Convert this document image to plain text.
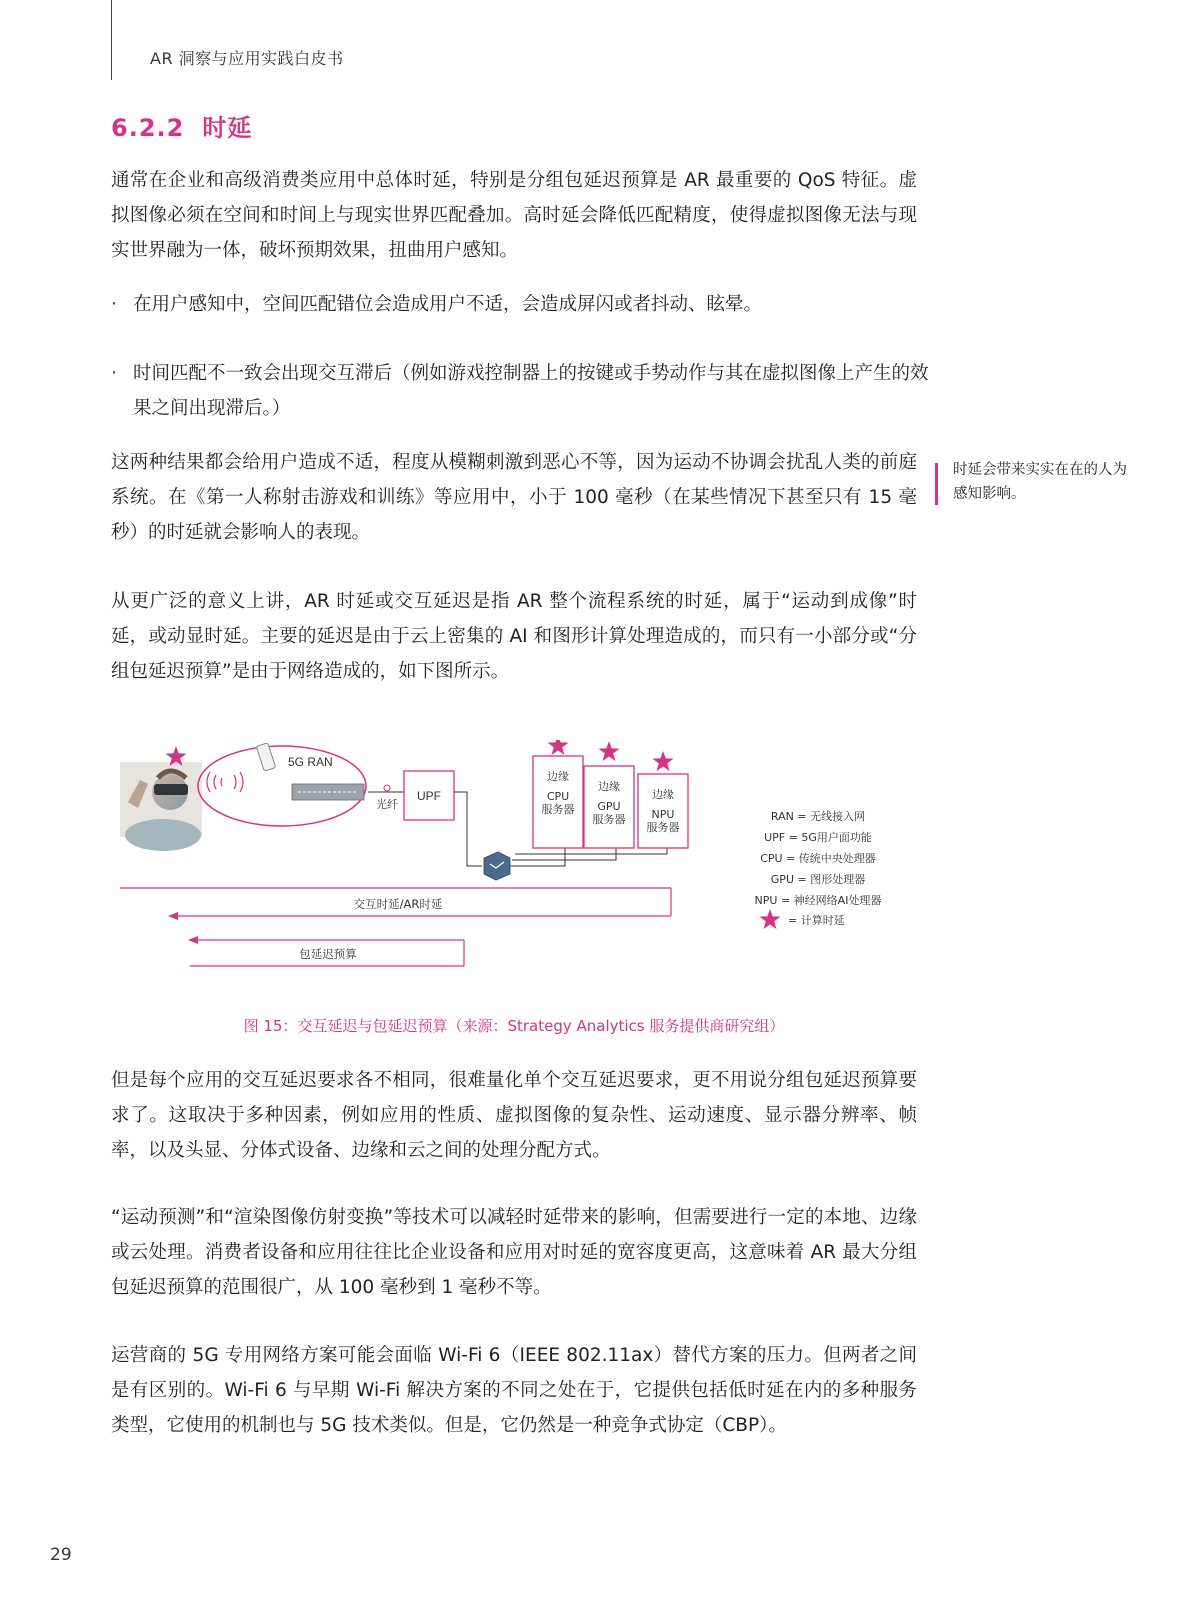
AR 洞察与应用实践白皮书
6.2.2 时延

通常在企业和高级消费类应用中总体时延，特别是分组包延迟预算是 AR 最重要的 QoS 特征。虚拟图像必须在空间和时间上与现实世界匹配叠加。高时延会降低匹配精度，使得虚拟图像无法与现实世界融为一体，破坏预期效果，扭曲用户感知。

· 在用户感知中，空间匹配错位会造成用户不适，会造成屏闪或者抖动、眩晕。

· 时间匹配不一致会出现交互滞后（例如游戏控制器上的按键或手势动作与其在虚拟图像上产生的效果之间出现滞后。）

这两种结果都会给用户造成不适，程度从模糊刺激到恶心不等，因为运动不协调会扰乱人类的前庭系统。在《第一人称射击游戏和训练》等应用中，小于 100 毫秒（在某些情况下甚至只有 15 毫秒）的时延就会影响人的表现。

时延会带来实实在在的人为感知影响。

从更广泛的意义上讲，AR 时延或交互延迟是指 AR 整个流程系统的时延，属于“运动到成像”时延，或动显时延。主要的延迟是由于云上密集的 AI 和图形计算处理造成的，而只有一小部分或“分组包延迟预算”是由于网络造成的，如下图所示。

5G RAN
光纤
UPF
边缘
CPU
服务器
边缘
GPU
服务器
边缘
NPU
服务器
交互时延/AR时延
包延迟预算
RAN = 无线接入网
UPF = 5G用户面功能
CPU = 传统中央处理器
GPU = 图形处理器
NPU = 神经网络AI处理器
= 计算时延
图 15：交互延迟与包延迟预算（来源：Strategy Analytics 服务提供商研究组）

但是每个应用的交互延迟要求各不相同，很难量化单个交互延迟要求，更不用说分组包延迟预算要求了。这取决于多种因素，例如应用的性质、虚拟图像的复杂性、运动速度、显示器分辨率、帧率，以及头显、分体式设备、边缘和云之间的处理分配方式。

“运动预测”和“渲染图像仿射变换”等技术可以减轻时延带来的影响，但需要进行一定的本地、边缘或云处理。消费者设备和应用往往比企业设备和应用对时延的宽容度更高，这意味着 AR 最大分组包延迟预算的范围很广，从 100 毫秒到 1 毫秒不等。

运营商的 5G 专用网络方案可能会面临 Wi-Fi 6（IEEE 802.11ax）替代方案的压力。但两者之间是有区别的。Wi-Fi 6 与早期 Wi-Fi 解决方案的不同之处在于，它提供包括低时延在内的多种服务类型，它使用的机制也与 5G 技术类似。但是，它仍然是一种竞争式协定（CBP）。

29
